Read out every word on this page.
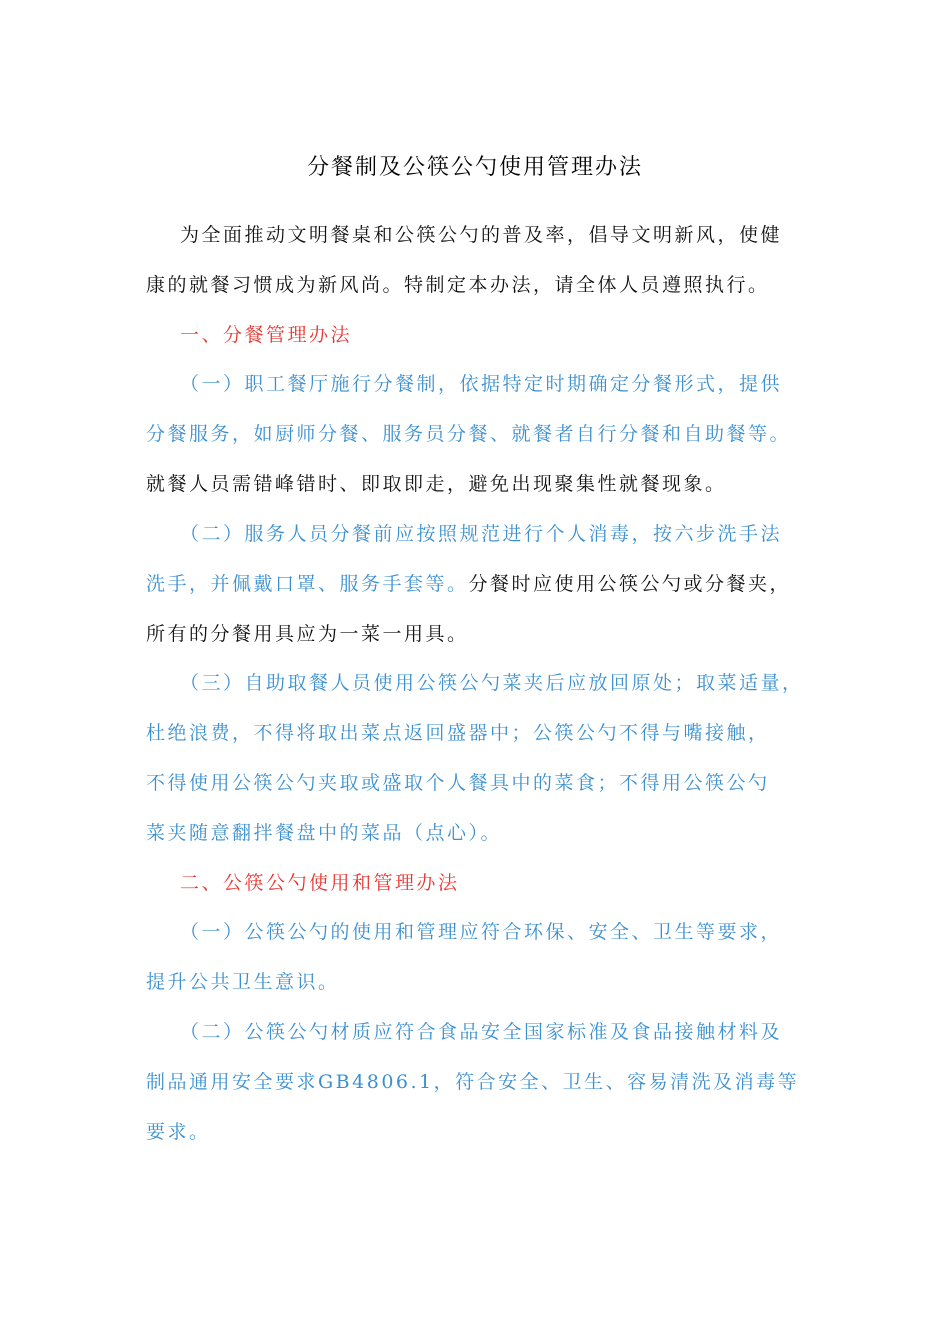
分餐制及公筷公勺使用管理办法
为全面推动文明餐桌和公筷公勺的普及率，倡导文明新风，使健
康的就餐习惯成为新风尚。特制定本办法，请全体人员遵照执行。
一、分餐管理办法
（一）职工餐厅施行分餐制，依据特定时期确定分餐形式，提供
分餐服务，如厨师分餐、服务员分餐、就餐者自行分餐和自助餐等。
就餐人员需错峰错时、即取即走，避免出现聚集性就餐现象。
（二）服务人员分餐前应按照规范进行个人消毒，按六步洗手法
洗手，并佩戴口罩、服务手套等。分餐时应使用公筷公勺或分餐夹，
所有的分餐用具应为一菜一用具。
（三）自助取餐人员使用公筷公勺菜夹后应放回原处；取菜适量，
杜绝浪费，不得将取出菜点返回盛器中；公筷公勺不得与嘴接触，
不得使用公筷公勺夹取或盛取个人餐具中的菜食；不得用公筷公勺
菜夹随意翻拌餐盘中的菜品（点心）。
二、公筷公勺使用和管理办法
（一）公筷公勺的使用和管理应符合环保、安全、卫生等要求，
提升公共卫生意识。
（二）公筷公勺材质应符合食品安全国家标准及食品接触材料及
制品通用安全要求GB4806.1，符合安全、卫生、容易清洗及消毒等
要求。
